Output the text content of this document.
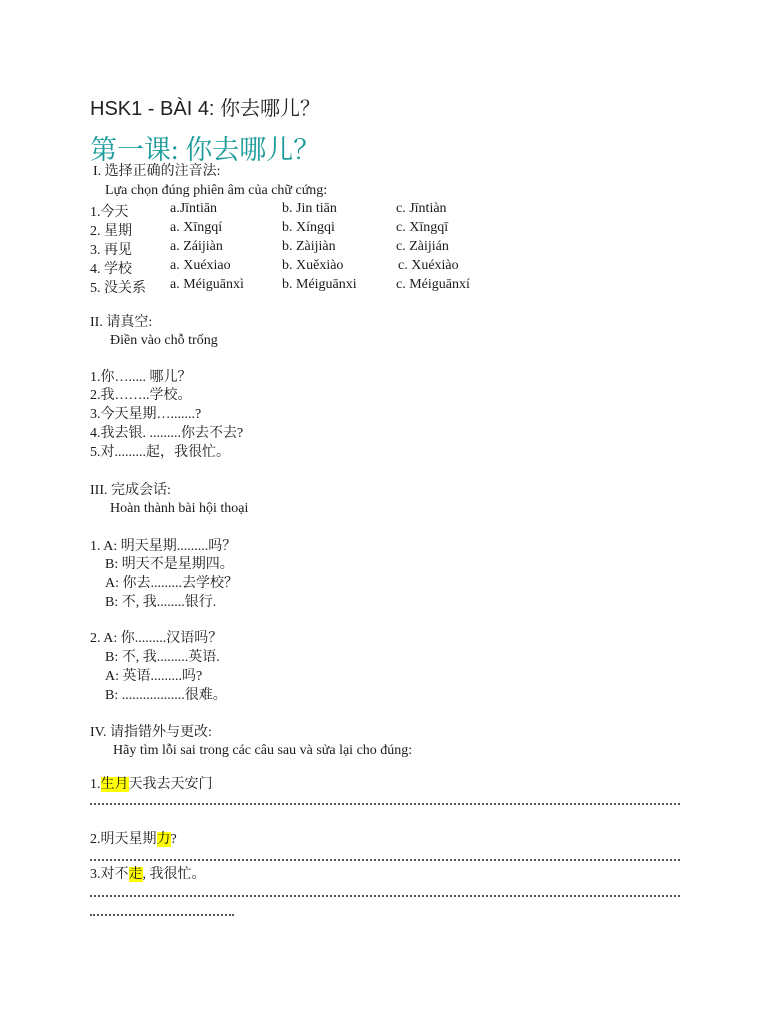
HSK1 - BÀI 4: 你去哪儿？
第一课: 你去哪儿？
I. 选择正确的注音法:
Lựa chọn đúng phiên âm của chữ cứng:
1.今天	a.Jīntiān	b. Jin tiān	c. Jīntiàn
2. 星期	a. Xīngqí	b. Xíngqi	c. Xīngqī
3. 再见	a. Záijiàn	b. Zàijiàn	c. Zàijián
4. 学校	a. Xuéxiao	b. Xuěxiào	c. Xuéxiào
5. 没关系 a. Méiguānxì	b. Méiguānxi	c. Méiguānxí
II. 请真空:
Điền vào chỗ trống
1.你…..... 哪儿？
2.我……..学校。
3.今天星期….......?
4.我去银. .........你去不去?
5.对.........起，我很忙。
III. 完成会话:
Hoàn thành bài hội thoại
1. A: 明天星期.........吗？
B: 明天不是星期四。
A: 你去.........去学校？
B: 不, 我........银行.
2. A: 你.........汉语吗？
B: 不, 我.........英语.
A: 英语.........吗?
B: ..................很难。
IV. 请指错外与更改:
Hãy tìm lỗi sai trong các câu sau và sửa lại cho đúng:
1.生月天我去天安门
2.明天星期力?
3.对不走, 我很忙。
